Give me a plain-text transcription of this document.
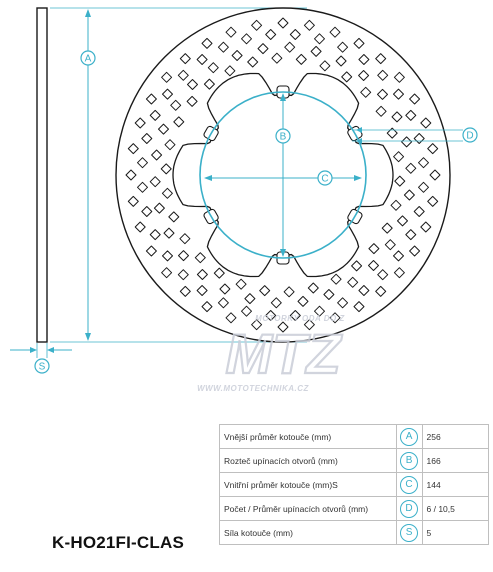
A
S
B
C
D
MOTORKY ODA DO Z
MTZ
WWW.MOTOTECHNIKA.CZ
Vnější průměr kotouče (mm)	A	256
Rozteč upínacích otvorů (mm)	B	166
Vnitřní průměr kotouče (mm)S	C	144
Počet / Průměr upínacích otvorů (mm)	D	6 / 10,5
Síla kotouče (mm)	S	5
K-HO21FI-CLAS
